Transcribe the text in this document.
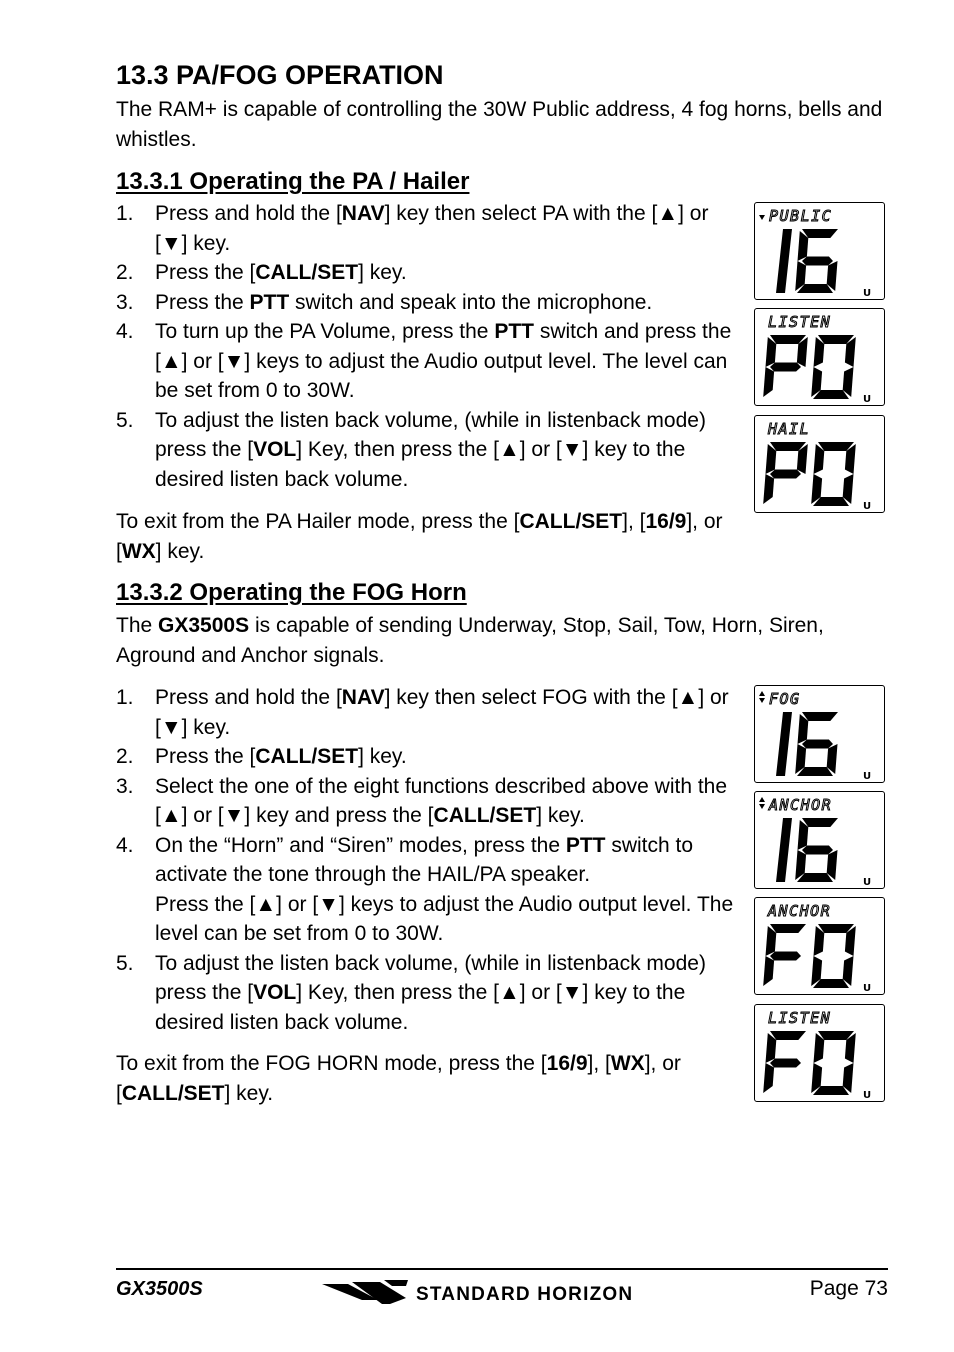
13.3 PA/FOG OPERATION

The RAM+ is capable of controlling the 30W Public address, 4 fog horns, bells and whistles.

13.3.1 Operating the PA / Hailer
1. Press and hold the [NAV] key then select PA with the [▲] or [▼] key.
2. Press the [CALL/SET] key.
3. Press the PTT switch and speak into the microphone.
4. To turn up the PA Volume, press the PTT switch and press the [▲] or [▼] keys to adjust the Audio output level. The level can be set from 0 to 30W.
5. To adjust the listen back volume, (while in listenback mode) press the [VOL] Key, then press the [▲] or [▼] key to the desired listen back volume.

To exit from the PA Hailer mode, press the [CALL/SET], [16/9], or [WX] key.

13.3.2 Operating the FOG Horn

The GX3500S is capable of sending Underway, Stop, Sail, Tow, Horn, Siren, Aground and Anchor signals.

1. Press and hold the [NAV] key then select FOG with the [▲] or [▼] key.
2. Press the [CALL/SET] key.
3. Select the one of the eight functions described above with the [▲] or [▼] key and press the [CALL/SET] key.
4. On the “Horn” and “Siren” modes, press the PTT switch to activate the tone through the HAIL/PA speaker.
Press the [▲] or [▼] keys to adjust the Audio output level. The level can be set from 0 to 30W.
5. To adjust the listen back volume, (while in listenback mode) press the [VOL] Key, then press the [▲] or [▼] key to the desired listen back volume.

To exit from the FOG HORN mode, press the [16/9], [WX], or [CALL/SET] key.

PUBLIC
U
LISTEN
U
HAIL
U
FOG
U
ANCHOR
U
ANCHOR
U
LISTEN
U
GX3500S	STANDARD HORIZON	Page 73
